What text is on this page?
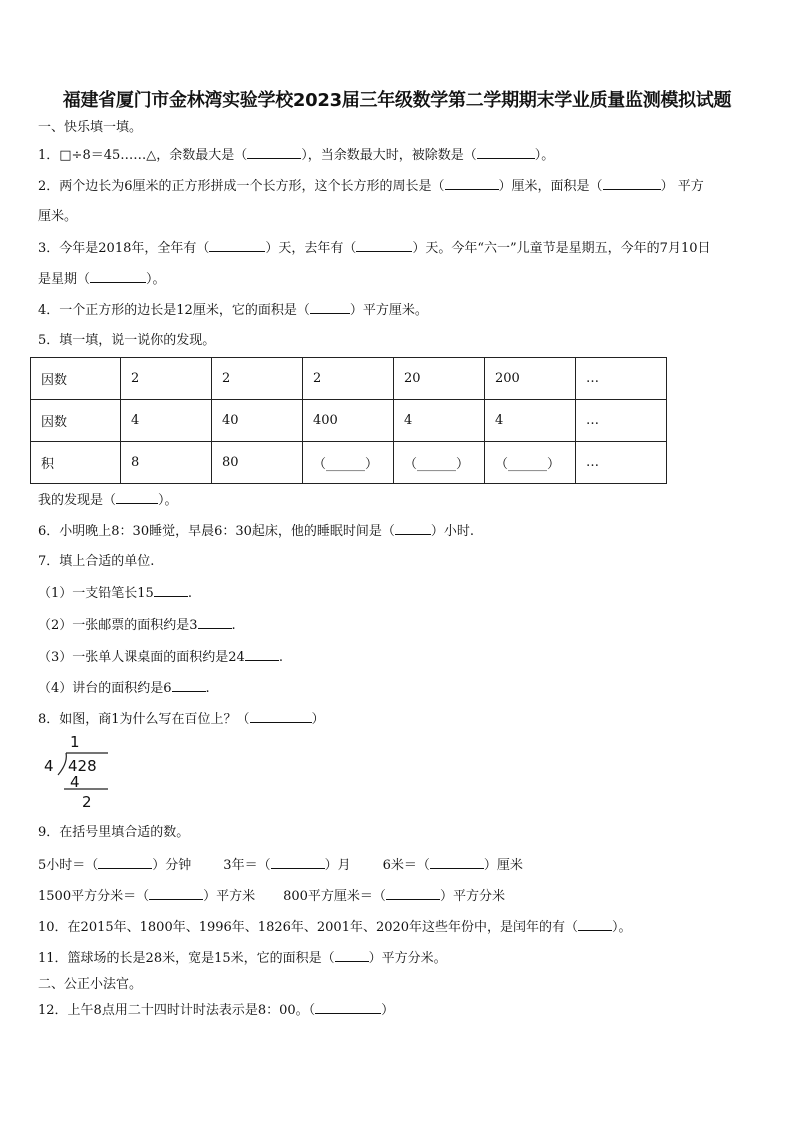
福建省厦门市金林湾实验学校2023届三年级数学第二学期期末学业质量监测模拟试题
一、快乐填一填。
1．□÷8＝45……△，余数最大是（	），当余数最大时，被除数是（	）。
2．两个边长为6厘米的正方形拼成一个长方形，这个长方形的周长是（	）厘米，面积是（	） 平方
厘米。
3．今年是2018年，全年有（	）天，去年有（	）天。今年“六一”儿童节是星期五，今年的7月10日
是星期（	）。
4．一个正方形的边长是12厘米，它的面积是（	）平方厘米。
5．填一填，说一说你的发现。
因数	2	2	2	20	200	…
因数	4	40	400	4	4	…
积	8	80	（______）	（______）	（______）	…
我的发现是（	）。
6．小明晚上8：30睡觉，早晨6：30起床，他的睡眠时间是（	）小时.
7．填上合适的单位.
（1）一支铅笔长15	.
（2）一张邮票的面积约是3	.
（3）一张单人课桌面的面积约是24	.
（4）讲台的面积约是6	.
8．如图，商1为什么写在百位上？（	）
1
4 428
4
2
9．在括号里填合适的数。
5小时＝（	）分钟 3年＝（	）月 6米＝（	）厘米
1500平方分米＝（	）平方米 800平方厘米＝（	）平方分米
10．在2015年、1800年、1996年、1826年、2001年、2020年这些年份中，是闰年的有（	）。
11．篮球场的长是28米，宽是15米，它的面积是（	）平方分米。
二、公正小法官。
12．上午8点用二十四时计时法表示是8：00。（	）
